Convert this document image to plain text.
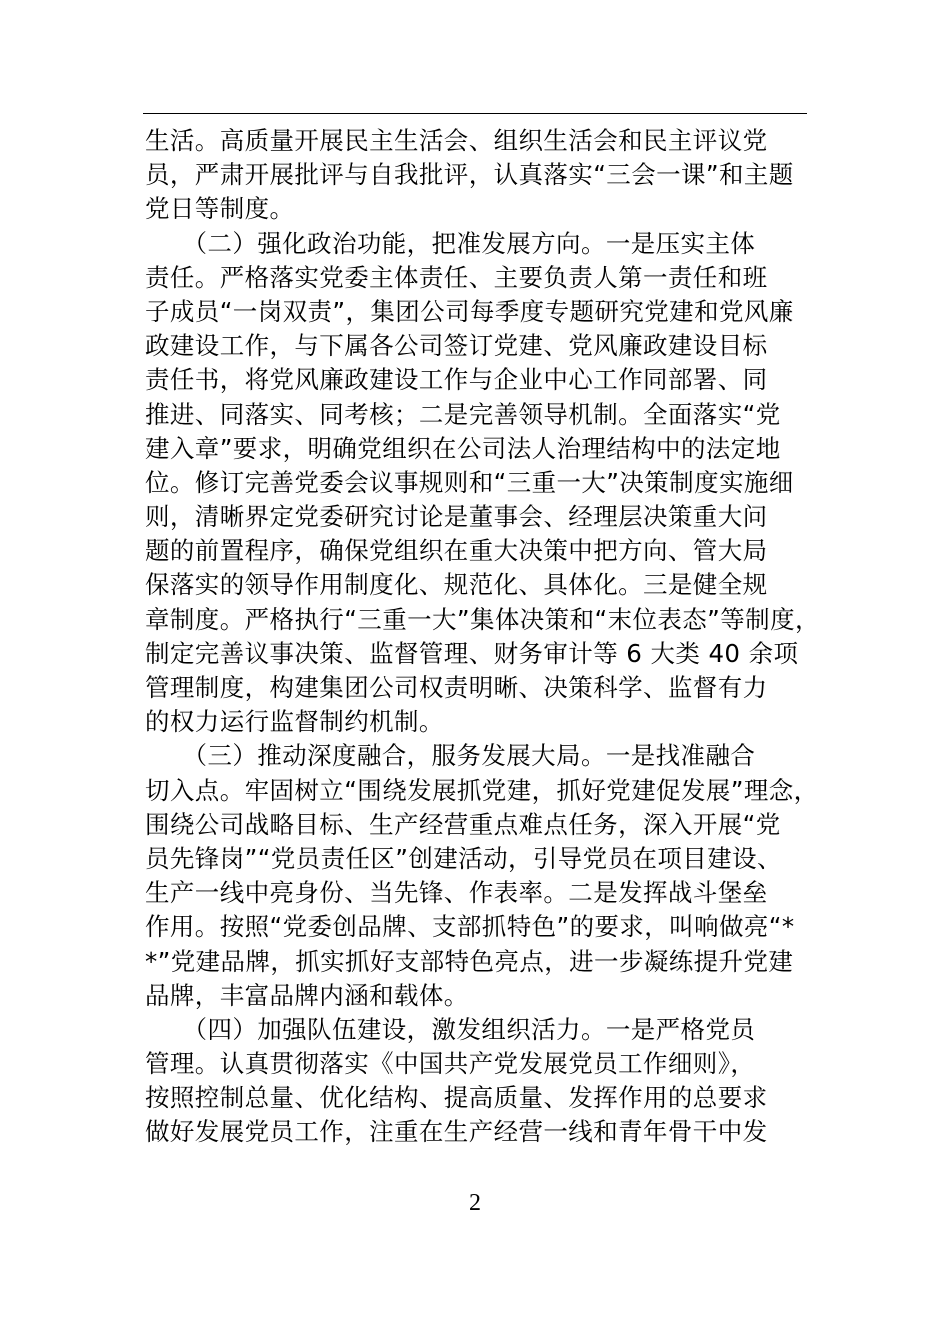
生活。高质量开展民主生活会、组织生活会和民主评议党
员，严肃开展批评与自我批评，认真落实“三会一课”和主题
党日等制度。
　　（二）强化政治功能，把准发展方向。一是压实主体
责任。严格落实党委主体责任、主要负责人第一责任和班
子成员“一岗双责”，集团公司每季度专题研究党建和党风廉
政建设工作，与下属各公司签订党建、党风廉政建设目标
责任书，将党风廉政建设工作与企业中心工作同部署、同
推进、同落实、同考核；二是完善领导机制。全面落实“党
建入章”要求，明确党组织在公司法人治理结构中的法定地
位。修订完善党委会议事规则和“三重一大”决策制度实施细
则，清晰界定党委研究讨论是董事会、经理层决策重大问
题的前置程序，确保党组织在重大决策中把方向、管大局
保落实的领导作用制度化、规范化、具体化。三是健全规
章制度。严格执行“三重一大”集体决策和“末位表态”等制度，
制定完善议事决策、监督管理、财务审计等 6 大类 40 余项
管理制度，构建集团公司权责明晰、决策科学、监督有力
的权力运行监督制约机制。
　　（三）推动深度融合，服务发展大局。一是找准融合
切入点。牢固树立“围绕发展抓党建，抓好党建促发展”理念，
围绕公司战略目标、生产经营重点难点任务，深入开展“党
员先锋岗”“党员责任区”创建活动，引导党员在项目建设、
生产一线中亮身份、当先锋、作表率。二是发挥战斗堡垒
作用。按照“党委创品牌、支部抓特色”的要求，叫响做亮“*
*”党建品牌，抓实抓好支部特色亮点，进一步凝练提升党建
品牌，丰富品牌内涵和载体。
　　（四）加强队伍建设，激发组织活力。一是严格党员
管理。认真贯彻落实《中国共产党发展党员工作细则》，
按照控制总量、优化结构、提高质量、发挥作用的总要求
做好发展党员工作，注重在生产经营一线和青年骨干中发
2
